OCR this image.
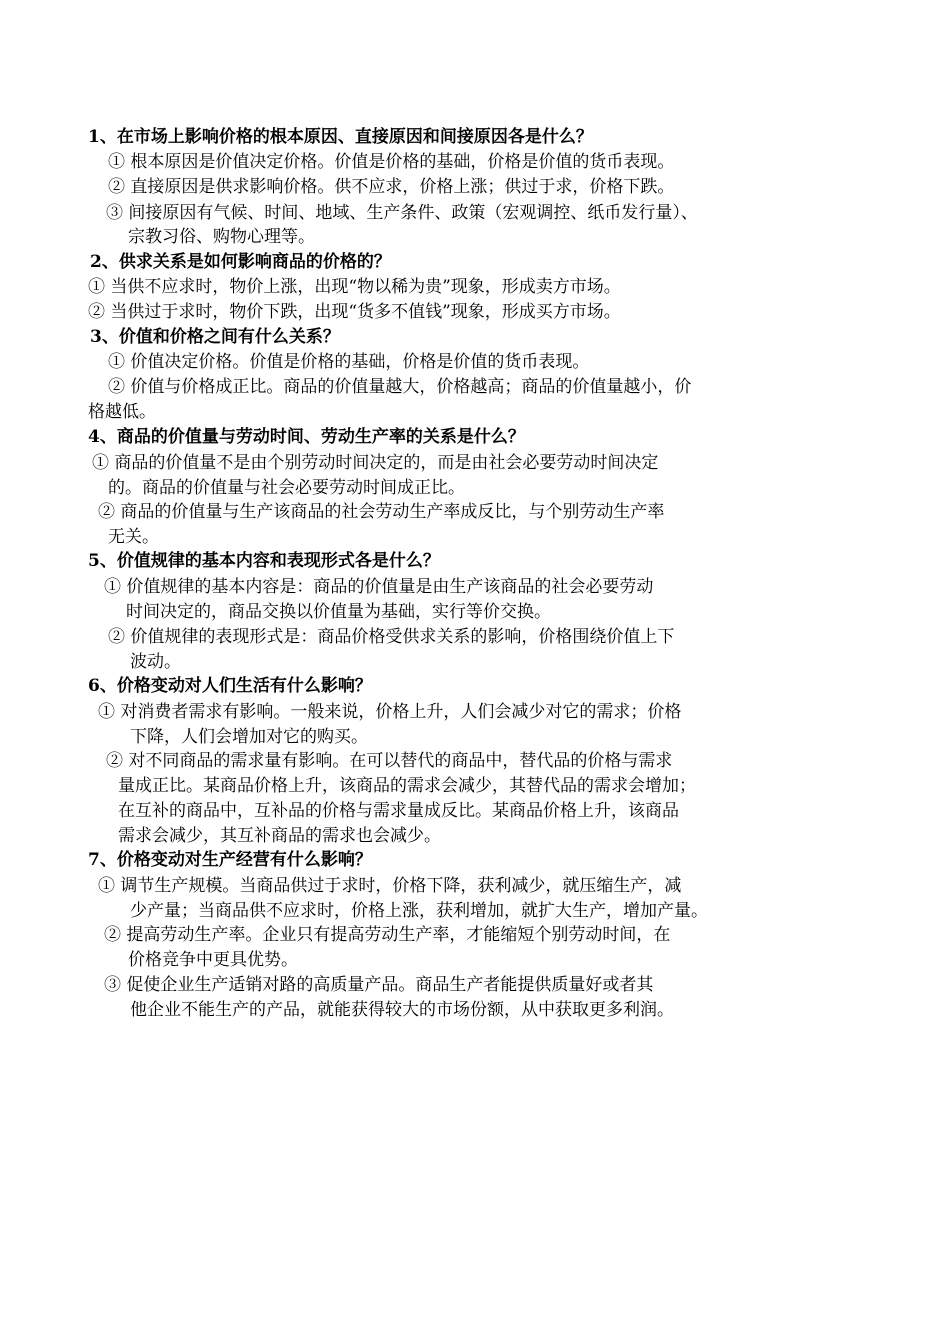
1、在市场上影响价格的根本原因、直接原因和间接原因各是什么？
① 根本原因是价值决定价格。价值是价格的基础，价格是价值的货币表现。
② 直接原因是供求影响价格。供不应求，价格上涨；供过于求，价格下跌。
③ 间接原因有气候、时间、地域、生产条件、政策（宏观调控、纸币发行量）、
宗教习俗、购物心理等。
2、供求关系是如何影响商品的价格的？
① 当供不应求时，物价上涨，出现“物以稀为贵”现象，形成卖方市场。
② 当供过于求时，物价下跌，出现“货多不值钱”现象，形成买方市场。
3、价值和价格之间有什么关系？
① 价值决定价格。价值是价格的基础，价格是价值的货币表现。
② 价值与价格成正比。商品的价值量越大，价格越高；商品的价值量越小，价
格越低。
4、商品的价值量与劳动时间、劳动生产率的关系是什么？
① 商品的价值量不是由个别劳动时间决定的，而是由社会必要劳动时间决定
的。商品的价值量与社会必要劳动时间成正比。
② 商品的价值量与生产该商品的社会劳动生产率成反比，与个别劳动生产率
无关。
5、价值规律的基本内容和表现形式各是什么？
① 价值规律的基本内容是：商品的价值量是由生产该商品的社会必要劳动
时间决定的，商品交换以价值量为基础，实行等价交换。
② 价值规律的表现形式是：商品价格受供求关系的影响，价格围绕价值上下
波动。
6、价格变动对人们生活有什么影响？
① 对消费者需求有影响。一般来说，价格上升，人们会减少对它的需求；价格
下降，人们会增加对它的购买。
② 对不同商品的需求量有影响。在可以替代的商品中，替代品的价格与需求
量成正比。某商品价格上升，该商品的需求会减少，其替代品的需求会增加；
在互补的商品中，互补品的价格与需求量成反比。某商品价格上升，该商品
需求会减少，其互补商品的需求也会减少。
7、价格变动对生产经营有什么影响？
① 调节生产规模。当商品供过于求时，价格下降，获利减少，就压缩生产，减
少产量；当商品供不应求时，价格上涨，获利增加，就扩大生产，增加产量。
② 提高劳动生产率。企业只有提高劳动生产率，才能缩短个别劳动时间，在
价格竞争中更具优势。
③ 促使企业生产适销对路的高质量产品。商品生产者能提供质量好或者其
他企业不能生产的产品，就能获得较大的市场份额，从中获取更多利润。
